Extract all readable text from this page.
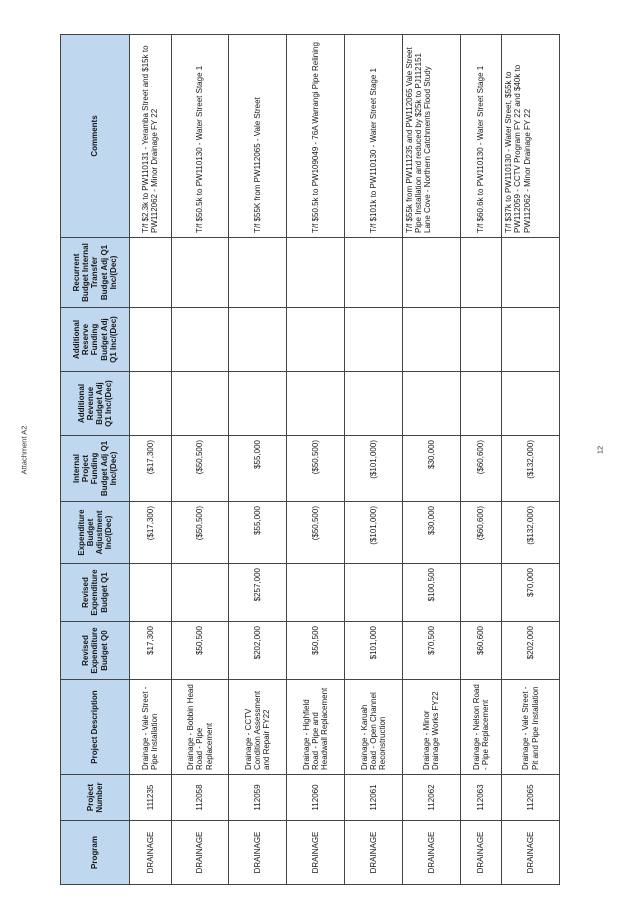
Attachment A2	12
Program	Project Number	Project Description	Revised Expenditure Budget Q0	Revised Expenditure Budget Q1	Expenditure Budget Adjustment Inc/(Dec)	Internal Project Funding Budget Adj Q1 Inc/(Dec)	Additional Revenue Budget Adj Q1 Inc/(Dec)	Additional Reserve Funding Budget Adj Q1 Inc/(Dec)	Recurrent Budget Internal Transfer Budget Adj Q1 Inc/(Dec)	Comments
DRAINAGE	111235	Drainage - Vale Street - Pipe Installation	$17,300		($17,300)	($17,300)				T/f $2.3k to PW110131 - Yeramba Street and $15k to PW112062 - Minor Drainage FY 22
DRAINAGE	112058	Drainage - Bobbin Head Road - Pipe Replacement	$50,500		($50,500)	($50,500)				T/f $50.5k to PW110130 - Water Street Stage 1
DRAINAGE	112059	Drainage - CCTV Condition Assessment and Repair FY22	$202,000	$257,000	$55,000	$55,000				T/f $55K from PW112065 - Vale Street
DRAINAGE	112060	Drainage - Highfield Road - Pipe and Headwall Replacement	$50,500		($50,500)	($50,500)				T/f $50.5k to PW109049 - 76A Warrangi Pipe Relining
DRAINAGE	112061	Drainage - Karuah Road - Open Channel Reconstruction	$101,000		($101,000)	($101,000)				T/f $101k to PW110130 - Water Street Stage 1
DRAINAGE	112062	Drainage - Minor Drainage Works FY22	$70,500	$100,500	$30,000	$30,000				T/f $55k from PW111235 and PW112065 Vale Street Pipe Installation and reduced by $25k to PJ112151 Lane Cove - Northern Catchments Flood Study
DRAINAGE	112063	Drainage - Nelson Road - Pipe Replacement	$60,600		($60,600)	($60,600)				T/f $60.6k to PW110130 - Water Street Stage 1
DRAINAGE	112065	Drainage - Vale Street - Pit and Pipe Installation	$202,000	$70,000	($132,000)	($132,000)				T/f $37k to PW110130 - Water Street, $55k to PW112059 - CCTV Program FY 22 and $40k to PW112062 - Minor Drainage FY 22
